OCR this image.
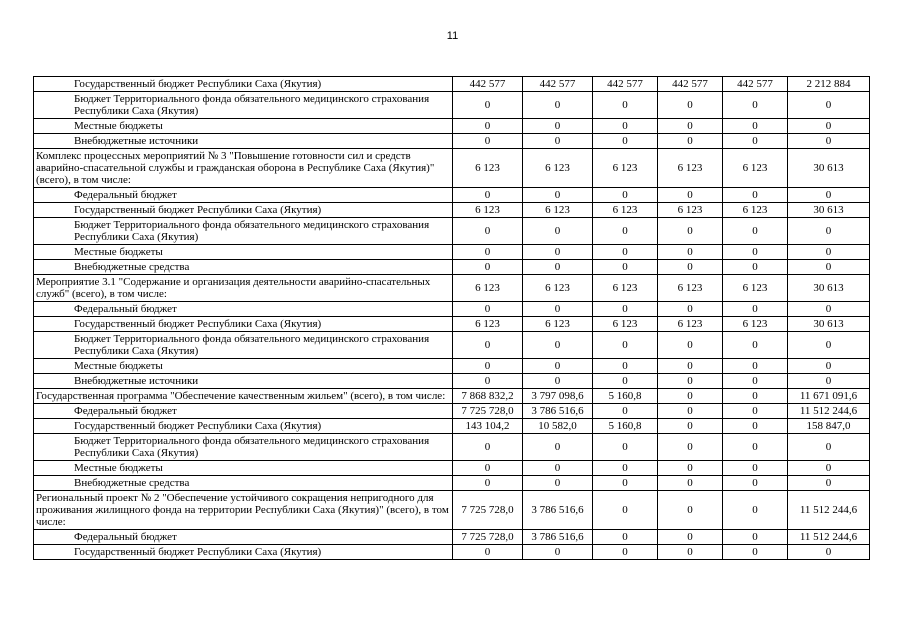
11
Государственный бюджет Республики Саха (Якутия)	442 577	442 577	442 577	442 577	442 577	2 212 884
Бюджет Территориального фонда обязательного медицинского страхования Республики Саха (Якутия)	0	0	0	0	0	0
Местные бюджеты	0	0	0	0	0	0
Внебюджетные источники	0	0	0	0	0	0
Комплекс процессных мероприятий № 3 "Повышение готовности сил и средств аварийно-спасательной службы и гражданская оборона в Республике Саха (Якутия)" (всего), в том числе:	6 123	6 123	6 123	6 123	6 123	30 613
Федеральный бюджет	0	0	0	0	0	0
Государственный бюджет Республики Саха (Якутия)	6 123	6 123	6 123	6 123	6 123	30 613
Бюджет Территориального фонда обязательного медицинского страхования Республики Саха (Якутия)	0	0	0	0	0	0
Местные бюджеты	0	0	0	0	0	0
Внебюджетные средства	0	0	0	0	0	0
Мероприятие 3.1 "Содержание и организация деятельности аварийно-спасательных служб" (всего), в том числе:	6 123	6 123	6 123	6 123	6 123	30 613
Федеральный бюджет	0	0	0	0	0	0
Государственный бюджет Республики Саха (Якутия)	6 123	6 123	6 123	6 123	6 123	30 613
Бюджет Территориального фонда обязательного медицинского страхования Республики Саха (Якутия)	0	0	0	0	0	0
Местные бюджеты	0	0	0	0	0	0
Внебюджетные источники	0	0	0	0	0	0
Государственная программа "Обеспечение качественным жильем" (всего), в том числе:	7 868 832,2	3 797 098,6	5 160,8	0	0	11 671 091,6
Федеральный бюджет	7 725 728,0	3 786 516,6	0	0	0	11 512 244,6
Государственный бюджет Республики Саха (Якутия)	143 104,2	10 582,0	5 160,8	0	0	158 847,0
Бюджет Территориального фонда обязательного медицинского страхования Республики Саха (Якутия)	0	0	0	0	0	0
Местные бюджеты	0	0	0	0	0	0
Внебюджетные средства	0	0	0	0	0	0
Региональный проект № 2 "Обеспечение устойчивого сокращения непригодного для проживания жилищного фонда на территории Республики Саха (Якутия)" (всего), в том числе:	7 725 728,0	3 786 516,6	0	0	0	11 512 244,6
Федеральный бюджет	7 725 728,0	3 786 516,6	0	0	0	11 512 244,6
Государственный бюджет Республики Саха (Якутия)	0	0	0	0	0	0
